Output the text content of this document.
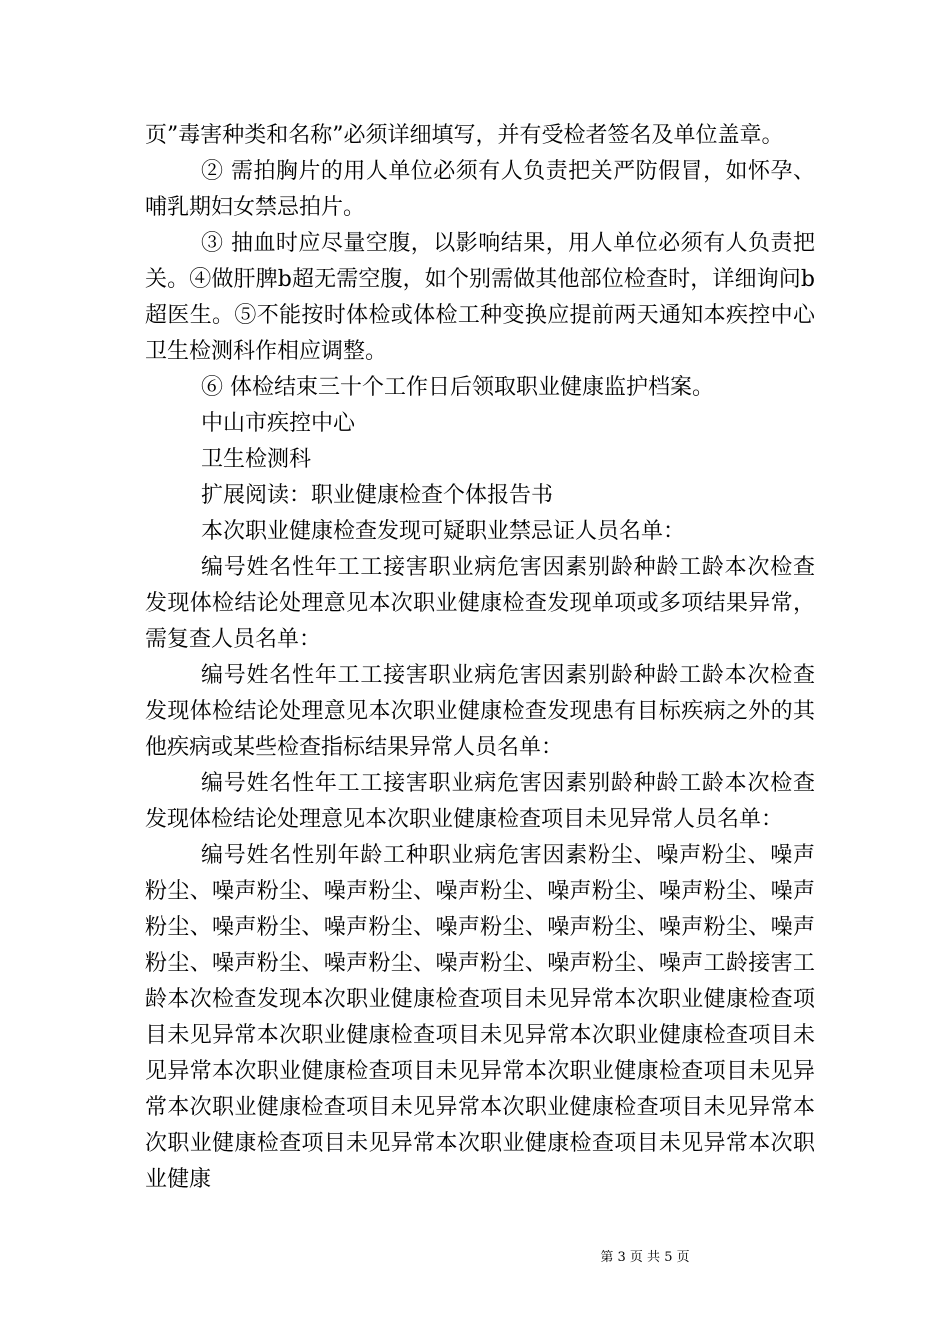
页”毒害种类和名称”必须详细填写，并有受检者签名及单位盖章。

② 需拍胸片的用人单位必须有人负责把关严防假冒，如怀孕、哺乳期妇女禁忌拍片。

③ 抽血时应尽量空腹，以影响结果，用人单位必须有人负责把关。④做肝脾b超无需空腹，如个别需做其他部位检查时，详细询问b超医生。⑤不能按时体检或体检工种变换应提前两天通知本疾控中心卫生检测科作相应调整。

⑥ 体检结束三十个工作日后领取职业健康监护档案。

中山市疾控中心

卫生检测科

扩展阅读：职业健康检查个体报告书

本次职业健康检查发现可疑职业禁忌证人员名单：

编号姓名性年工工接害职业病危害因素别龄种龄工龄本次检查发现体检结论处理意见本次职业健康检查发现单项或多项结果异常，需复查人员名单：

编号姓名性年工工接害职业病危害因素别龄种龄工龄本次检查发现体检结论处理意见本次职业健康检查发现患有目标疾病之外的其他疾病或某些检查指标结果异常人员名单：

编号姓名性年工工接害职业病危害因素别龄种龄工龄本次检查发现体检结论处理意见本次职业健康检查项目未见异常人员名单：

编号姓名性别年龄工种职业病危害因素粉尘、噪声粉尘、噪声粉尘、噪声粉尘、噪声粉尘、噪声粉尘、噪声粉尘、噪声粉尘、噪声粉尘、噪声粉尘、噪声粉尘、噪声粉尘、噪声粉尘、噪声粉尘、噪声粉尘、噪声粉尘、噪声粉尘、噪声粉尘、噪声粉尘、噪声工龄接害工龄本次检查发现本次职业健康检查项目未见异常本次职业健康检查项目未见异常本次职业健康检查项目未见异常本次职业健康检查项目未见异常本次职业健康检查项目未见异常本次职业健康检查项目未见异常本次职业健康检查项目未见异常本次职业健康检查项目未见异常本次职业健康检查项目未见异常本次职业健康检查项目未见异常本次职业健康

第 3 页 共 5 页
